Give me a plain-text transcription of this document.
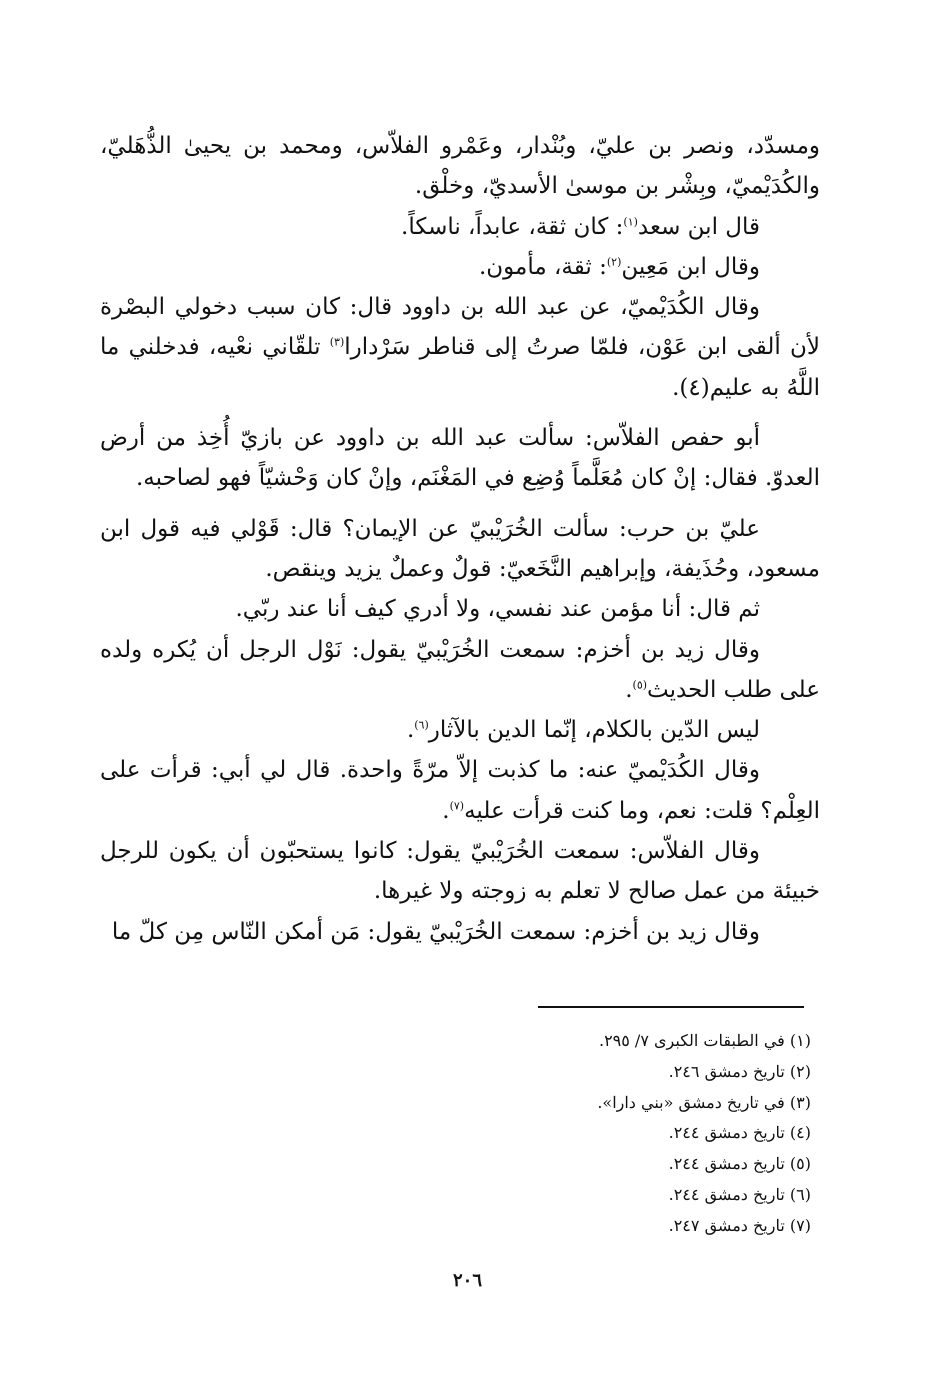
ومسدّد، ونصر بن عليّ، وبُنْدار، وعَمْرو الفلاّس، ومحمد بن يحيىٰ الذُّهَليّ، والكُدَيْميّ، وبِشْر بن موسىٰ الأسديّ، وخلْق.

قال ابن سعد$^{(١)}$: كان ثقة، عابداً، ناسكاً.

وقال ابن مَعِين$^{(٢)}$: ثقة، مأمون.

وقال الكُدَيْميّ، عن عبد الله بن داوود قال: كان سبب دخولي البصْرة لأن ألقى ابن عَوْن، فلمّا صرتُ إلى قناطر سَرْدارا$^{(٣)}$ تلقّاني نعْيه، فدخلني ما اللَّهُ به عليم(٤).

أبو حفص الفلاّس: سألت عبد الله بن داوود عن بازيّ أُخِذ من أرض العدوّ. فقال: إنْ كان مُعَلَّماً وُضِع في المَغْنَم، وإنْ كان وَحْشيّاً فهو لصاحبه.

عليّ بن حرب: سألت الخُرَيْبيّ عن الإيمان؟ قال: قَوْلي فيه قول ابن مسعود، وحُذَيفة، وإبراهيم النَّخَعيّ: قولٌ وعملٌ يزيد وينقص.

ثم قال: أنا مؤمن عند نفسي، ولا أدري كيف أنا عند ربّي.

وقال زيد بن أخزم: سمعت الخُرَيْبيّ يقول: نَوْل الرجل أن يُكره ولده على طلب الحديث$^{(٥)}$.

ليس الدّين بالكلام، إنّما الدين بالآثار$^{(٦)}$.

وقال الكُدَيْميّ عنه: ما كذبت إلاّ مرّةً واحدة. قال لي أبي: قرأت على العِلْم؟ قلت: نعم، وما كنت قرأت عليه$^{(٧)}$.

وقال الفلاّس: سمعت الخُرَيْبيّ يقول: كانوا يستحبّون أن يكون للرجل خبيئة من عمل صالح لا تعلم به زوجته ولا غيرها.

وقال زيد بن أخزم: سمعت الخُرَيْبيّ يقول: مَن أمكن النّاس مِن كلّ ما

(١) في الطبقات الكبرى ٧/ ٢٩٥.
(٢) تاريخ دمشق ٢٤٦.
(٣) في تاريخ دمشق «بني دارا».
(٤) تاريخ دمشق ٢٤٤.
(٥) تاريخ دمشق ٢٤٤.
(٦) تاريخ دمشق ٢٤٤.
(٧) تاريخ دمشق ٢٤٧.
٢٠٦
